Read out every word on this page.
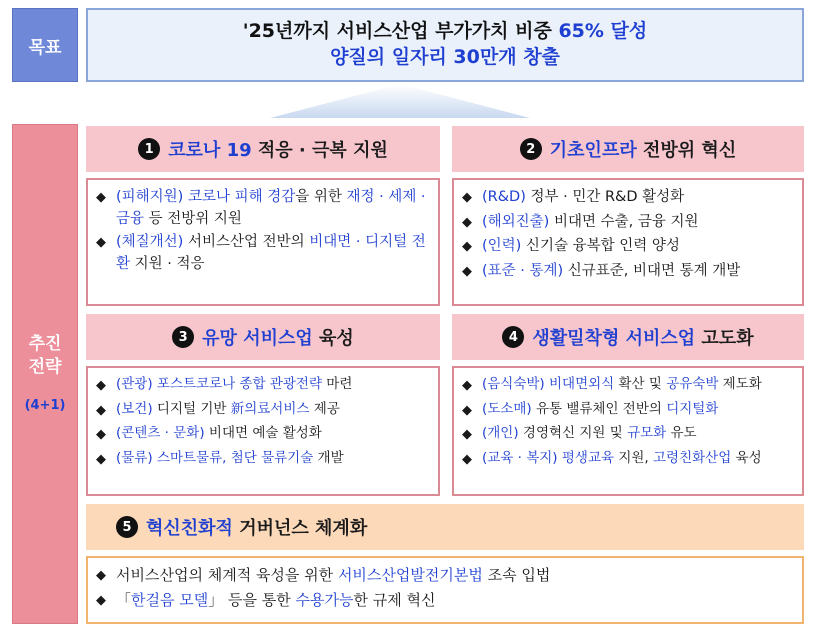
목표
'25년까지 서비스산업 부가가치 비중 65% 달성
양질의 일자리 30만개 창출
추진
전략
(4+1)
1 코로나 19 적응 · 극복 지원
◆ (피해지원) 코로나 피해 경감을 위한 재정 · 세제 · 금융 등 전방위 지원
◆ (체질개선) 서비스산업 전반의 비대면 · 디지털 전환 지원 · 적응
2 기초인프라 전방위 혁신
◆ (R&D) 정부 · 민간 R&D 활성화
◆ (해외진출) 비대면 수출, 금융 지원
◆ (인력) 신기술 융복합 인력 양성
◆ (표준 · 통계) 신규표준, 비대면 통계 개발
3 유망 서비스업 육성
◆ (관광) 포스트코로나 종합 관광전략 마련
◆ (보건) 디지털 기반 新의료서비스 제공
◆ (콘텐츠 · 문화) 비대면 예술 활성화
◆ (물류) 스마트물류, 첨단 물류기술 개발
4 생활밀착형 서비스업 고도화
◆ (음식숙박) 비대면외식 확산 및 공유숙박 제도화
◆ (도소매) 유통 밸류체인 전반의 디지털화
◆ (개인) 경영혁신 지원 및 규모화 유도
◆ (교육 · 복지) 평생교육 지원, 고령친화산업 육성
5 혁신친화적 거버넌스 체계화
◆ 서비스산업의 체계적 육성을 위한 서비스산업발전기본법 조속 입법
◆ 「한걸음 모델」 등을 통한 수용가능한 규제 혁신
